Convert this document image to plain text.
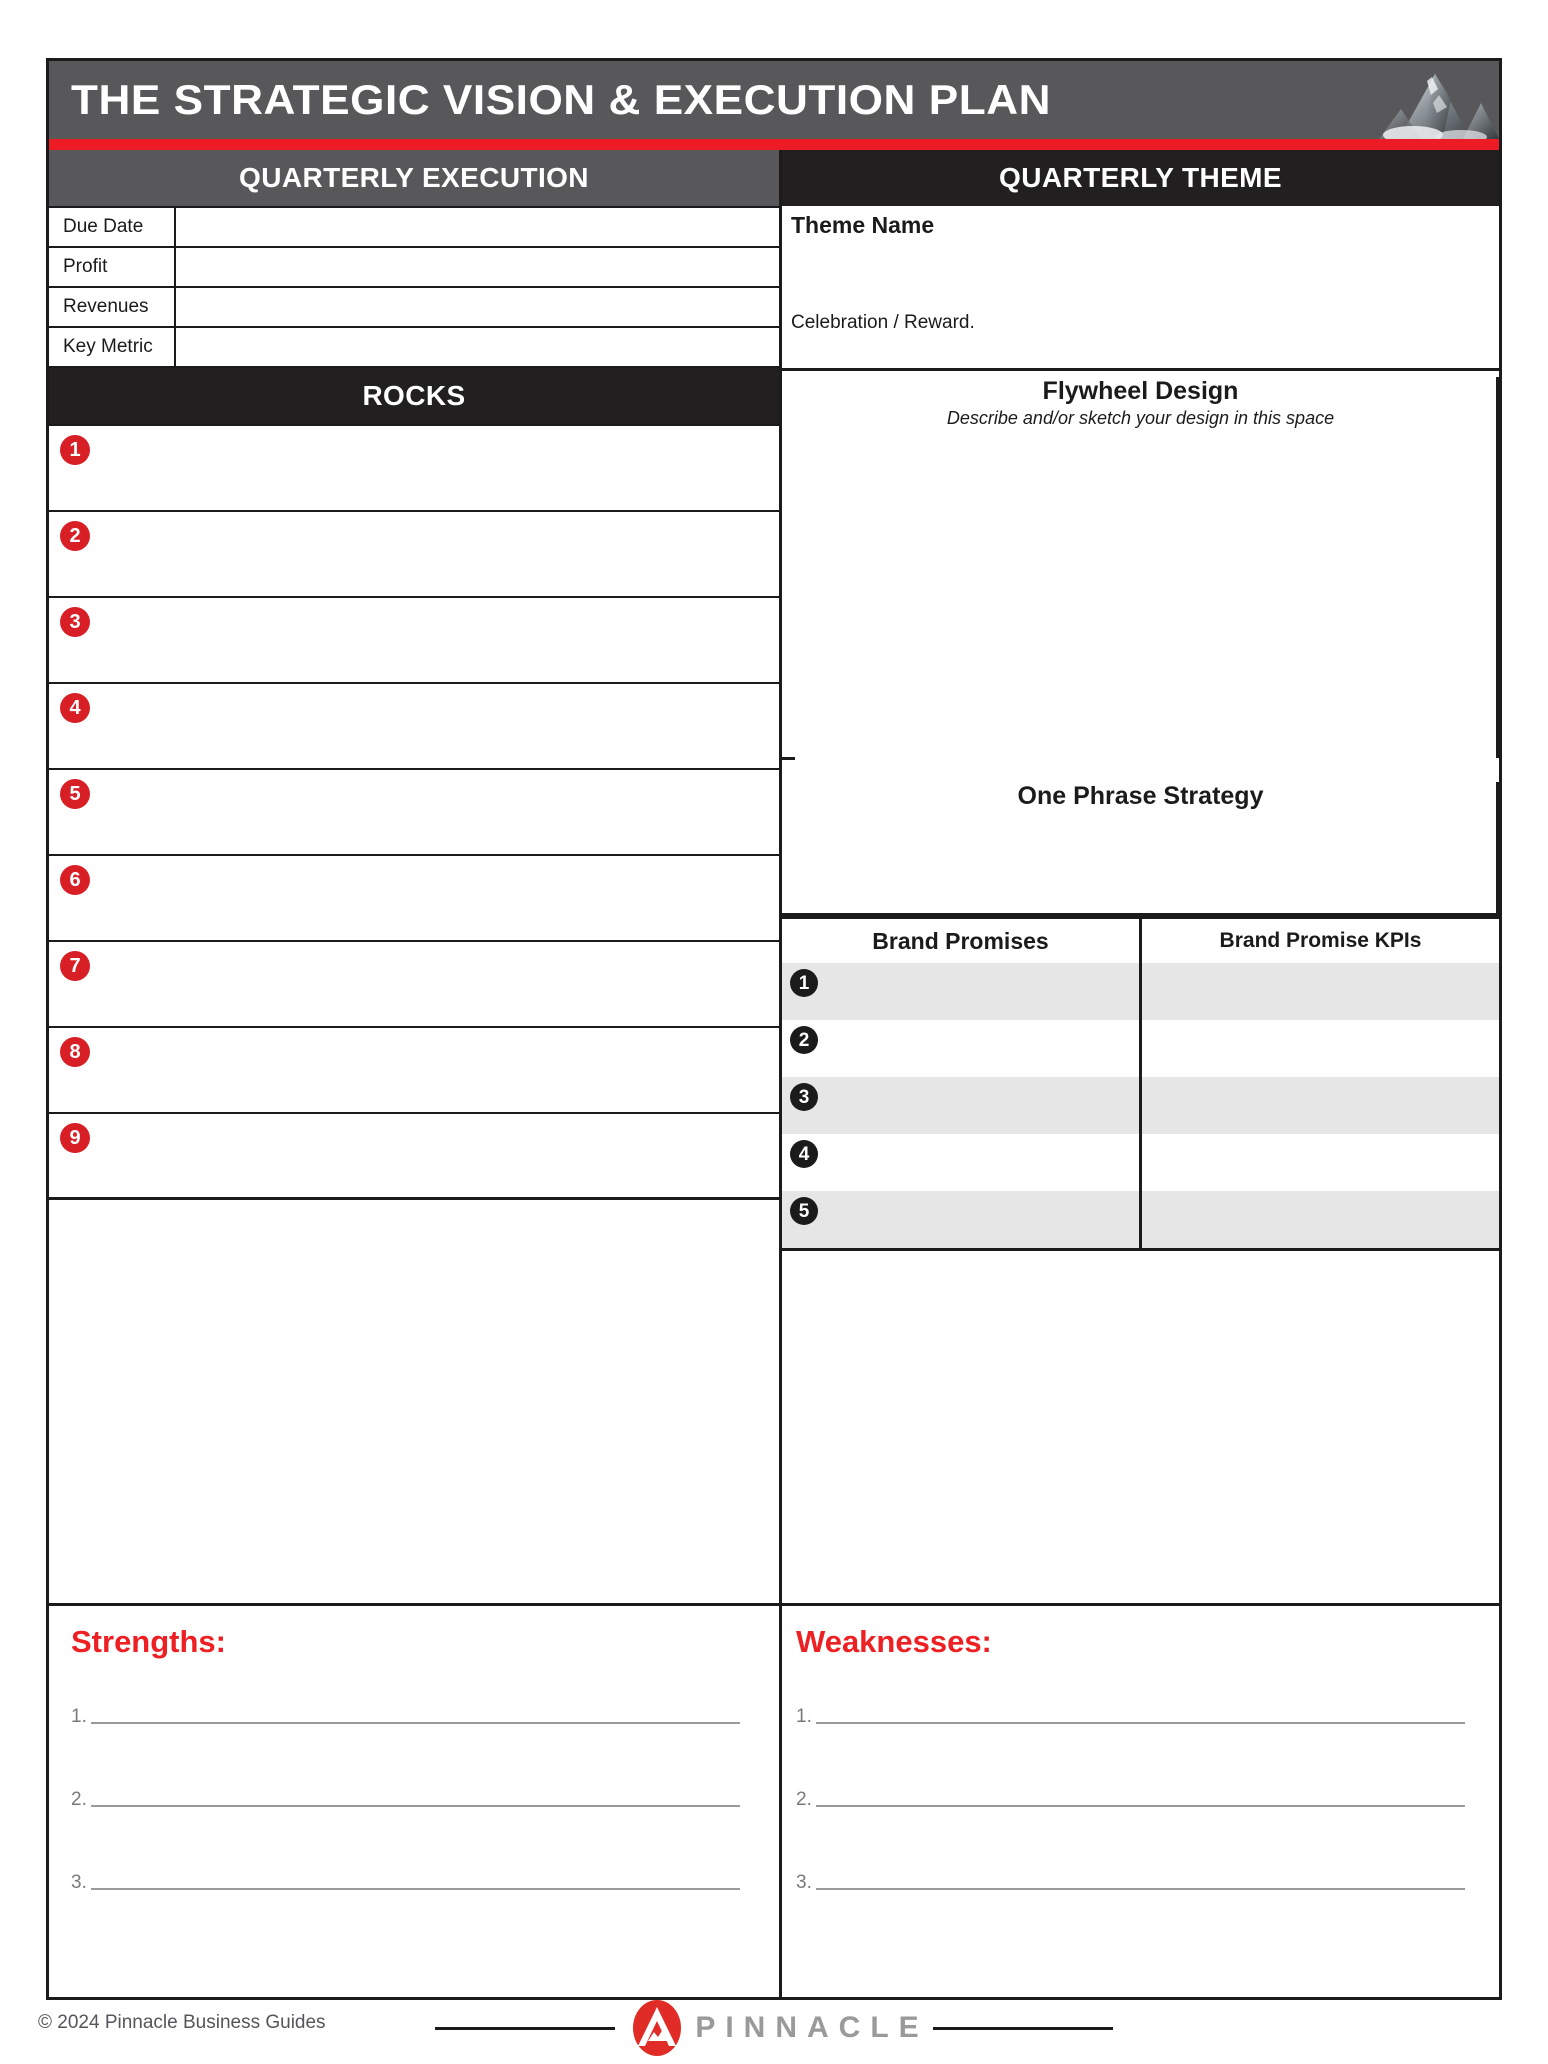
THE STRATEGIC VISION & EXECUTION PLAN
QUARTERLY EXECUTION
Due Date	
Profit	
Revenues	
Key Metric	
ROCKS
1
2
3
4
5
6
7
8
9
QUARTERLY THEME
Theme Name
Celebration / Reward.
Flywheel Design
Describe and/or sketch your design in this space
One Phrase Strategy
Brand Promises	Brand Promise KPIs

1	

2	

3	

4	

5	

Strengths:
1.
2.
3.
Weaknesses:
1.
2.
3.
PINNACLE
© 2024 Pinnacle Business Guides
